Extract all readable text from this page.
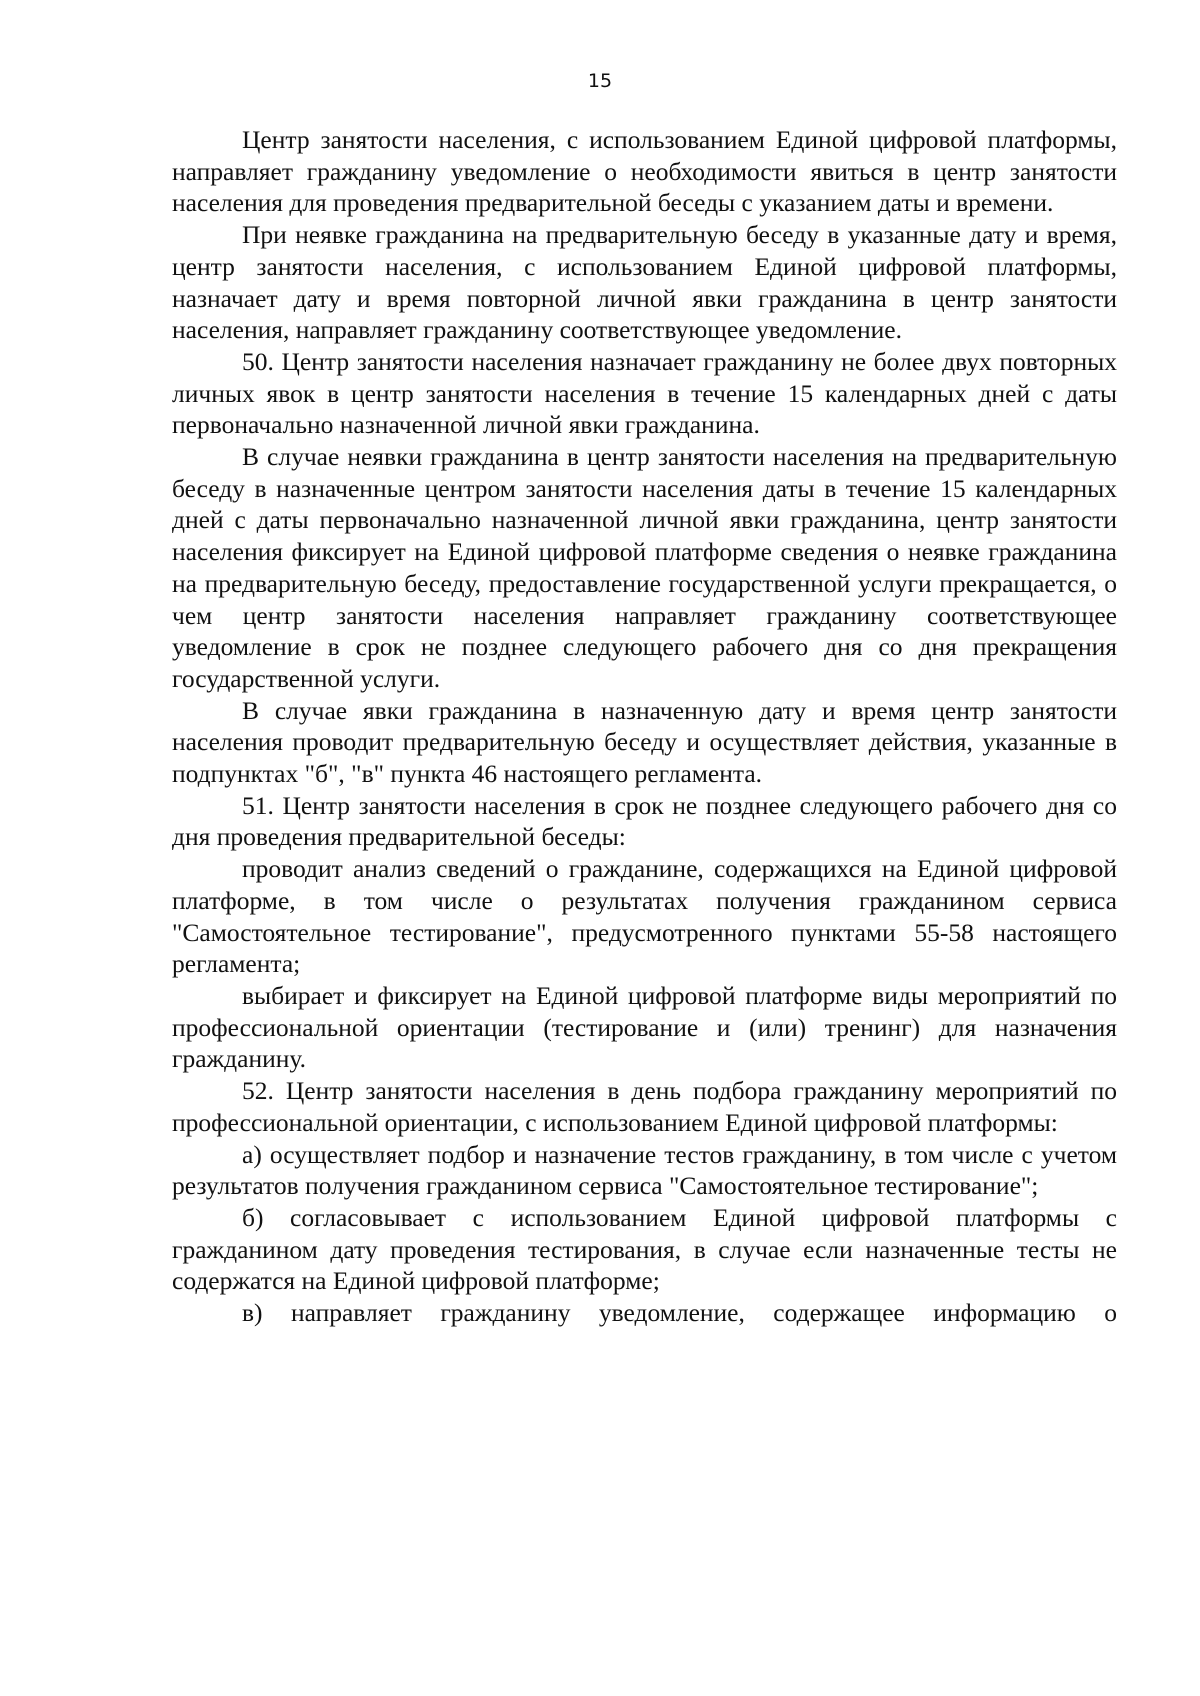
15

Центр занятости населения, с использованием Единой цифровой платформы, направляет гражданину уведомление о необходимости явиться в центр занятости населения для проведения предварительной беседы с указанием даты и времени.

При неявке гражданина на предварительную беседу в указанные дату и время, центр занятости населения, с использованием Единой цифровой платформы, назначает дату и время повторной личной явки гражданина в центр занятости населения, направляет гражданину соответствующее уведомление.

50. Центр занятости населения назначает гражданину не более двух повторных личных явок в центр занятости населения в течение 15 календарных дней с даты первоначально назначенной личной явки гражданина.

В случае неявки гражданина в центр занятости населения на предварительную беседу в назначенные центром занятости населения даты в течение 15 календарных дней с даты первоначально назначенной личной явки гражданина, центр занятости населения фиксирует на Единой цифровой платформе сведения о неявке гражданина на предварительную беседу, предоставление государственной услуги прекращается, о чем центр занятости населения направляет гражданину соответствующее уведомление в срок не позднее следующего рабочего дня со дня прекращения государственной услуги.

В случае явки гражданина в назначенную дату и время центр занятости населения проводит предварительную беседу и осуществляет действия, указанные в подпунктах "б", "в" пункта 46 настоящего регламента.

51. Центр занятости населения в срок не позднее следующего рабочего дня со дня проведения предварительной беседы:

проводит анализ сведений о гражданине, содержащихся на Единой цифровой платформе, в том числе о результатах получения гражданином сервиса "Самостоятельное тестирование", предусмотренного пунктами 55-58 настоящего регламента;

выбирает и фиксирует на Единой цифровой платформе виды мероприятий по профессиональной ориентации (тестирование и (или) тренинг) для назначения гражданину.

52. Центр занятости населения в день подбора гражданину мероприятий по профессиональной ориентации, с использованием Единой цифровой платформы:

а) осуществляет подбор и назначение тестов гражданину, в том числе с учетом результатов получения гражданином сервиса "Самостоятельное тестирование";

б) согласовывает с использованием Единой цифровой платформы с гражданином дату проведения тестирования, в случае если назначенные тесты не содержатся на Единой цифровой платформе;

в) направляет гражданину уведомление, содержащее информацию о
